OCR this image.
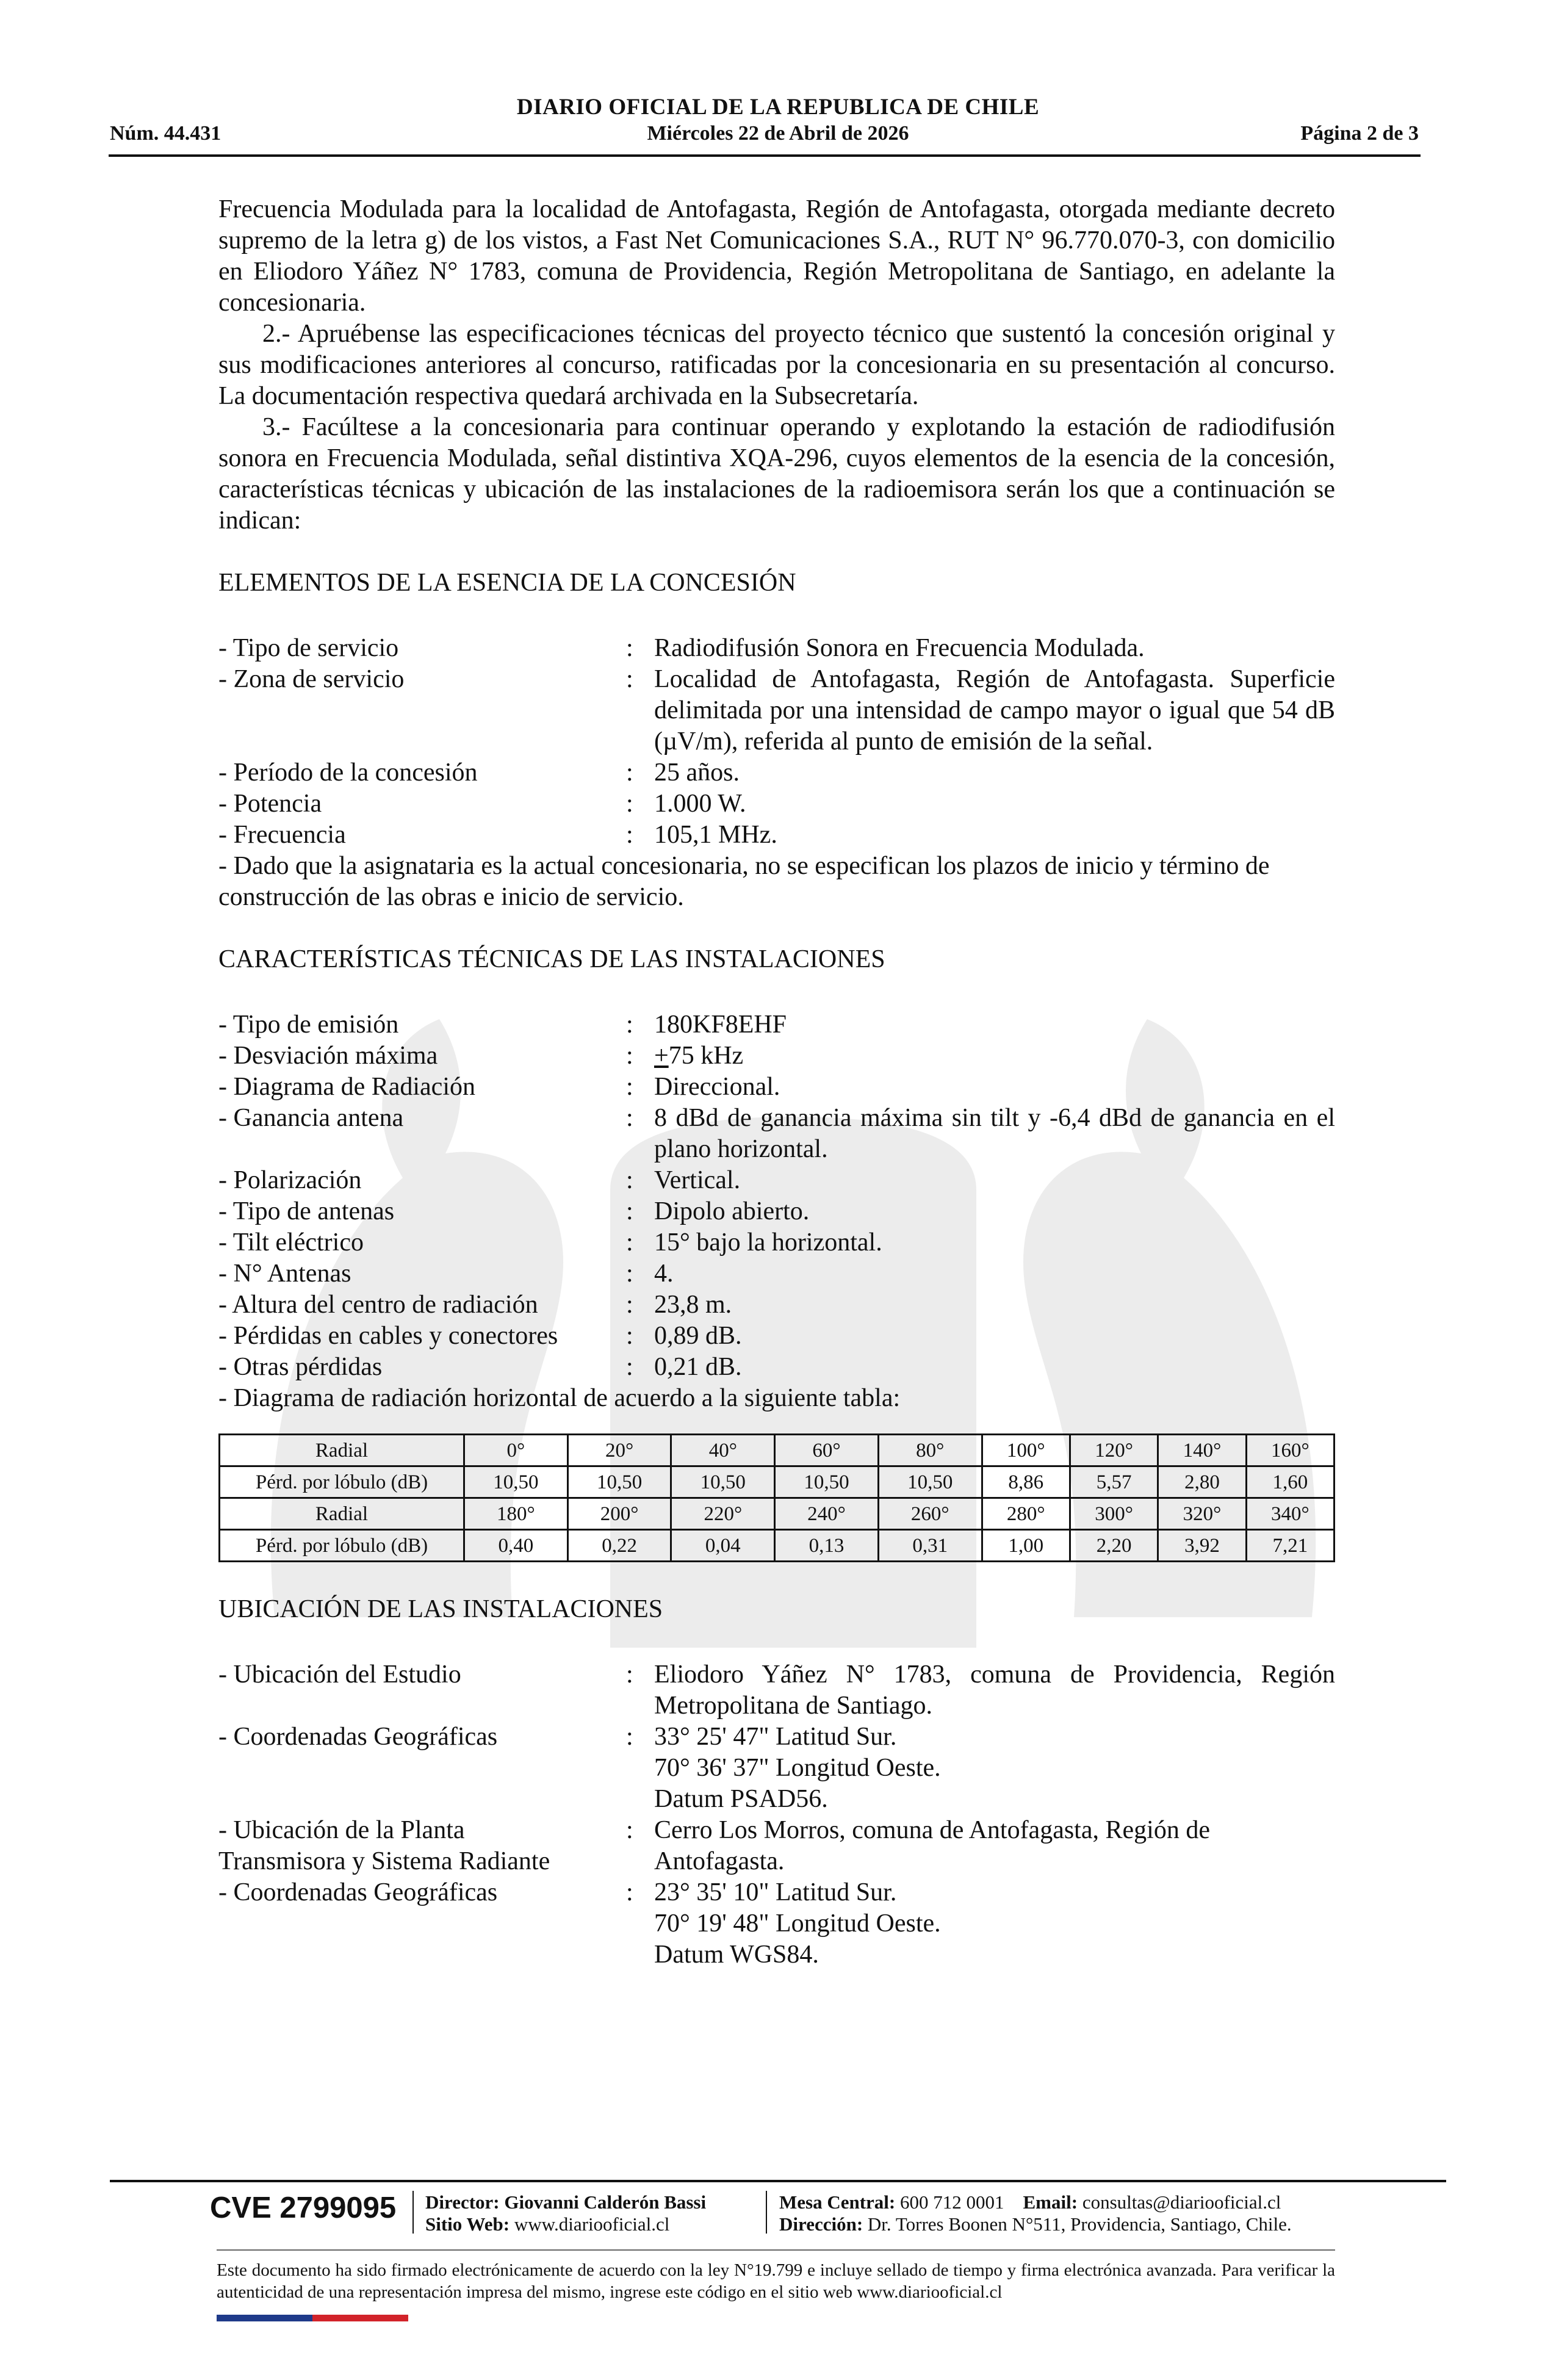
DIARIO OFICIAL DE LA REPUBLICA DE CHILE
Núm. 44.431	Miércoles 22 de Abril de 2026	Página 2 de 3

Frecuencia Modulada para la localidad de Antofagasta, Región de Antofagasta, otorgada mediante decreto supremo de la letra g) de los vistos, a Fast Net Comunicaciones S.A., RUT N° 96.770.070-3, con domicilio en Eliodoro Yáñez N° 1783, comuna de Providencia, Región Metropolitana de Santiago, en adelante la concesionaria.

2.- Apruébense las especificaciones técnicas del proyecto técnico que sustentó la concesión original y sus modificaciones anteriores al concurso, ratificadas por la concesionaria en su presentación al concurso. La documentación respectiva quedará archivada en la Subsecretaría.

3.- Facúltese a la concesionaria para continuar operando y explotando la estación de radiodifusión sonora en Frecuencia Modulada, señal distintiva XQA-296, cuyos elementos de la esencia de la concesión, características técnicas y ubicación de las instalaciones de la radioemisora serán los que a continuación se indican:

ELEMENTOS DE LA ESENCIA DE LA CONCESIÓN

- Tipo de servicio	: Radiodifusión Sonora en Frecuencia Modulada.
- Zona de servicio	: Localidad de Antofagasta, Región de Antofagasta. Superficie delimitada por una intensidad de campo mayor o igual que 54 dB (µV/m), referida al punto de emisión de la señal.
- Período de la concesión	: 25 años.
- Potencia	: 1.000 W.
- Frecuencia	: 105,1 MHz.

- Dado que la asignataria es la actual concesionaria, no se especifican los plazos de inicio y término de construcción de las obras e inicio de servicio.

CARACTERÍSTICAS TÉCNICAS DE LAS INSTALACIONES

- Tipo de emisión	: 180KF8EHF
- Desviación máxima	: +75 kHz
- Diagrama de Radiación	: Direccional.
- Ganancia antena	: 8 dBd de ganancia máxima sin tilt y -6,4 dBd de ganancia en el plano horizontal.
- Polarización	: Vertical.
- Tipo de antenas	: Dipolo abierto.
- Tilt eléctrico	: 15° bajo la horizontal.
- N° Antenas	: 4.
- Altura del centro de radiación	: 23,8 m.
- Pérdidas en cables y conectores	: 0,89 dB.
- Otras pérdidas	: 0,21 dB.

- Diagrama de radiación horizontal de acuerdo a la siguiente tabla:

Radial	0°	20°	40°	60°	80°	100°	120°	140°	160°
Pérd. por lóbulo (dB)	10,50	10,50	10,50	10,50	10,50	8,86	5,57	2,80	1,60
Radial	180°	200°	220°	240°	260°	280°	300°	320°	340°
Pérd. por lóbulo (dB)	0,40	0,22	0,04	0,13	0,31	1,00	2,20	3,92	7,21

UBICACIÓN DE LAS INSTALACIONES

- Ubicación del Estudio	: Eliodoro Yáñez N° 1783, comuna de Providencia, Región Metropolitana de Santiago.
- Coordenadas Geográficas	: 33° 25' 47" Latitud Sur.
70° 36' 37" Longitud Oeste.
Datum PSAD56.
- Ubicación de la Planta
Transmisora y Sistema Radiante
: Cerro Los Morros, comuna de Antofagasta, Región de Antofagasta.
- Coordenadas Geográficas	: 23° 35' 10" Latitud Sur.
70° 19' 48" Longitud Oeste.
Datum WGS84.
CVE 2799095 Director: Giovanni Calderón Bassi
Sitio Web: www.diariooficial.cl
Mesa Central: 600 712 0001 Email: consultas@diariooficial.cl
Dirección: Dr. Torres Boonen N°511, Providencia, Santiago, Chile.
Este documento ha sido firmado electrónicamente de acuerdo con la ley N°19.799 e incluye sellado de tiempo y firma electrónica avanzada. Para verificar la autenticidad de una representación impresa del mismo, ingrese este código en el sitio web www.diariooficial.cl
